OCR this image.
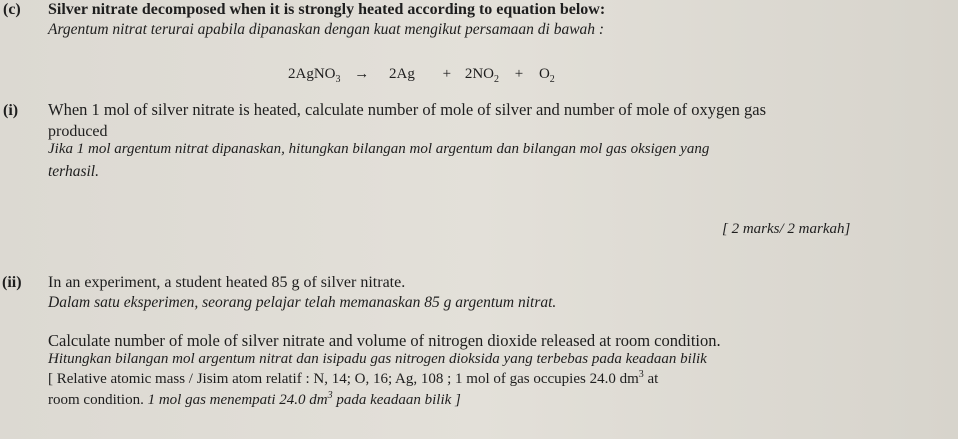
(c) Silver nitrate decomposed when it is strongly heated according to equation below:
Argentum nitrat terurai apabila dipanaskan dengan kuat mengikut persamaan di bawah :
2AgNO$_3$ → $2Ag + 2NO_2 + O_2$
(i) When 1 mol of silver nitrate is heated, calculate number of mole of silver and number of mole of oxygen gas
produced
Jika 1 mol argentum nitrat dipanaskan, hitungkan bilangan mol argentum dan bilangan mol gas oksigen yang
terhasil.
[ 2 marks/ 2 markah]
(ii) In an experiment, a student heated 85 g of silver nitrate.
Dalam satu eksperimen, seorang pelajar telah memanaskan 85 g argentum nitrat.
Calculate number of mole of silver nitrate and volume of nitrogen dioxide released at room condition.
Hitungkan bilangan mol argentum nitrat dan isipadu gas nitrogen dioksida yang terbebas pada keadaan bilik
[ Relative atomic mass / Jisim atom relatif : N, 14; O, 16; Ag, 108 ; 1 mol of gas occupies 24.0 $dm^3$ at
room condition. 1 mol gas menempati 24.0 $dm^3$ pada keadaan bilik ]
